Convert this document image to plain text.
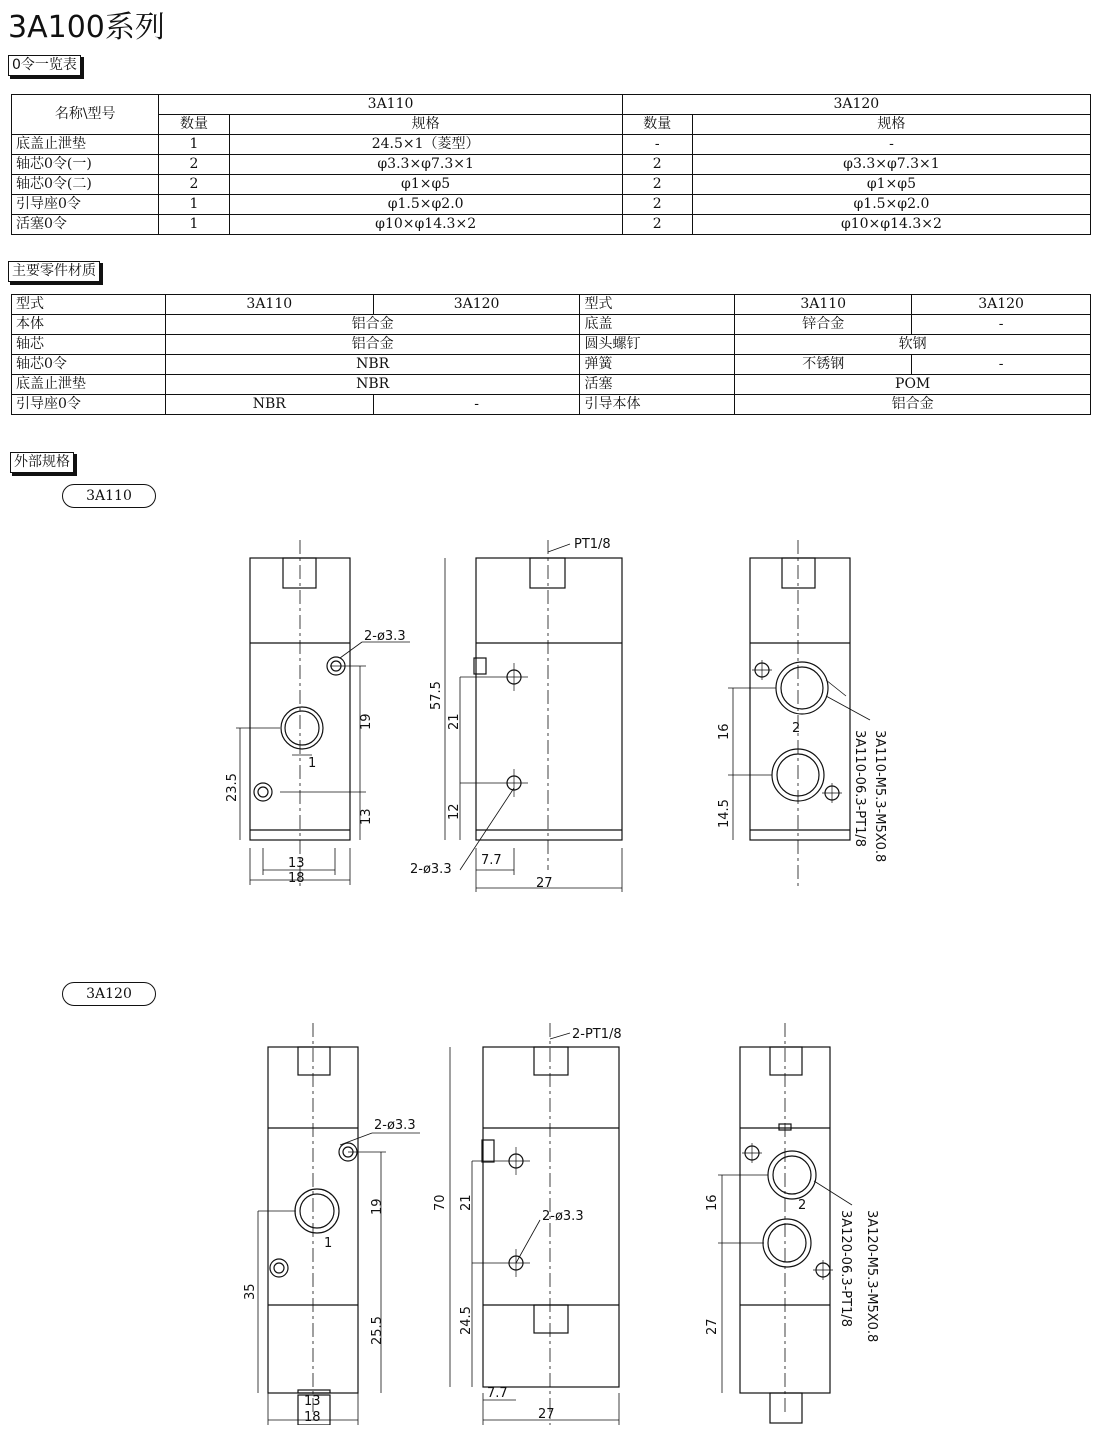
3A100系列
0令一览表
名称\型号	3A110		3A120	
	数量	规格	数量	规格
底盖止泄垫	1	24.5×1（菱型）	-	-
轴芯0令(一)	2	φ3.3×φ7.3×1	2	φ3.3×φ7.3×1
轴芯0令(二)	2	φ1×φ5	2	φ1×φ5
引导座0令	1	φ1.5×φ2.0	2	φ1.5×φ2.0
活塞0令	1	φ10×φ14.3×2	2	φ10×φ14.3×2
主要零件材质
型式	3A110	3A120	型式	3A110	3A120
本体	铝合金		底盖	锌合金	-
轴芯	铝合金		圆头螺钉	软钢	
轴芯0令	NBR		弹簧	不锈钢	-
底盖止泄垫	NBR		活塞	POM	
引导座0令	NBR	-	引导本体	铝合金	
外部规格
3A110
3A120
2-ø3.3
19
1
23.5
13
13
18
PT1/8
57.5
21
12
2-ø3.3
7.7
27
16
14.5
2
3A110-M5.3-M5X0.8
3A110-06.3-PT1/8
2-ø3.3
19
1
35
25.5
13
18
2-PT1/8
70 21
2-ø3.3
24.5
7.7
27
16
27
2
3A120-M5.3-M5X0.8
3A120-06.3-PT1/8
